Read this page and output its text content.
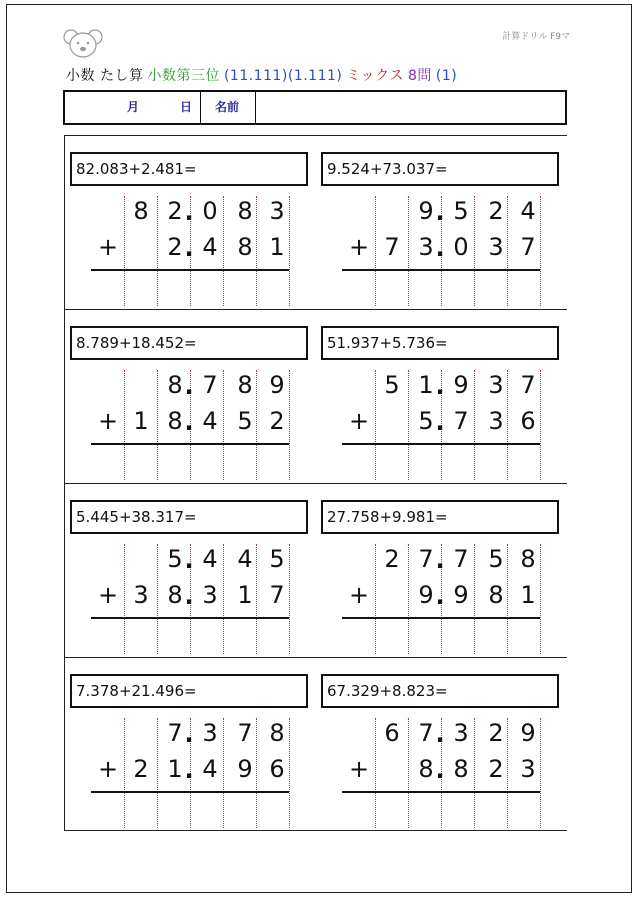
計算ドリル F9マ
小数 たし算 小数第三位 (11.111)(1.111) ミックス 8問 (1)
月	日 名前
82.083+2.481=
8 2 0 8 3
.
2 4 8 1
.
+
9.524+73.037=
9 5 2 4
.
7 3 0 3 7
.
+
8.789+18.452=
8 7 8 9
.
1 8 4 5 2
.
+
51.937+5.736=
5 1 9 3 7
.
5 7 3 6
.
+
5.445+38.317=
5 4 4 5
.
3 8 3 1 7
.
+
27.758+9.981=
2 7 7 5 8
.
9 9 8 1
.
+
7.378+21.496=
7 3 7 8
.
2 1 4 9 6
.
+
67.329+8.823=
6 7 3 2 9
.
8 8 2 3
.
+
